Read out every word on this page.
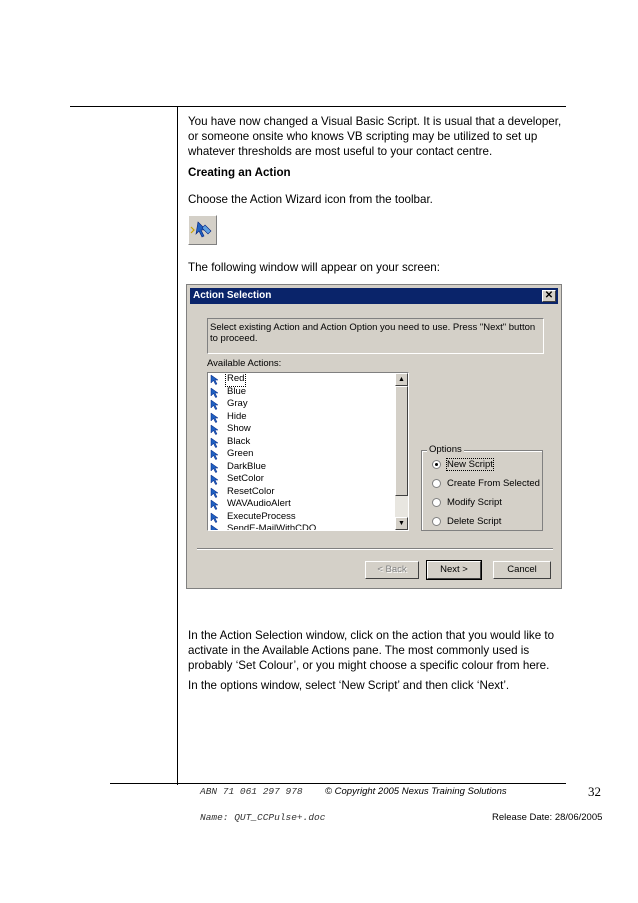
You have now changed a Visual Basic Script. It is usual that a developer, or someone onsite who knows VB scripting may be utilized to set up whatever thresholds are most useful to your contact centre.
Creating an Action
Choose the Action Wizard icon from the toolbar.
The following window will appear on your screen:
Action Selection	✕
Select existing Action and Action Option you need to use. Press "Next" button to proceed.
Available Actions:
Red
Blue
Gray
Hide
Show
Black
Green
DarkBlue
SetColor
ResetColor
WAVAudioAlert
ExecuteProcess
SendE-MailWithCDO
▲
▼
Options
New Script
Create From Selected
Modify Script
Delete Script
< Back	Next >	Cancel
In the Action Selection window, click on the action that you would like to activate in the Available Actions pane. The most commonly used is probably ‘Set Colour’, or you might choose a specific colour from here.
In the options window, select ‘New Script’ and then click ‘Next’.
ABN 71 061 297 978 © Copyright 2005 Nexus Training Solutions	32
Name: QUT_CCPulse+.doc	Release Date: 28/06/2005
